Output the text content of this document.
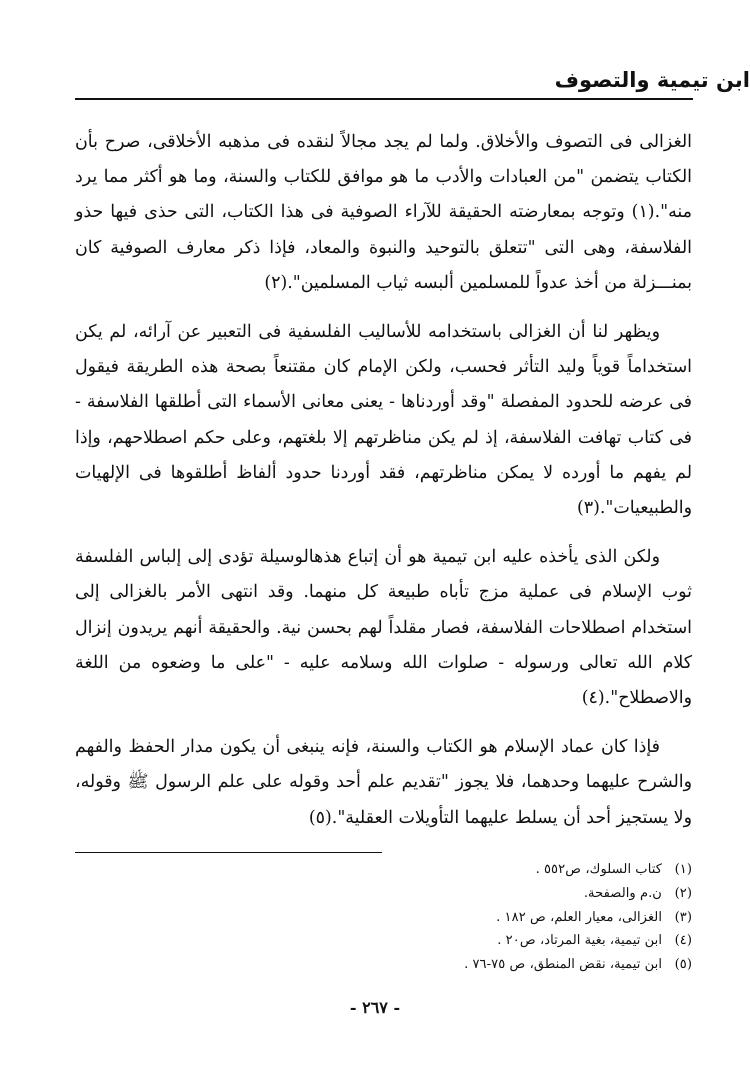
ابن تيمية والتصوف

الغزالى فى التصوف والأخلاق. ولما لم يجد مجالاً لنقده فى مذهبه الأخلاقى، صرح بأن الكتاب يتضمن "من العبادات والأدب ما هو موافق للكتاب والسنة، وما هو أكثر مما يرد منه".(١) وتوجه بمعارضته الحقيقة للآراء الصوفية فى هذا الكتاب، التى حذى فيها حذو الفلاسفة، وهى التى "تتعلق بالتوحيد والنبوة والمعاد، فإذا ذكر معارف الصوفية كان بمنـــزلة من أخذ عدواً للمسلمين ألبسه ثياب المسلمين".(٢)

ويظهر لنا أن الغزالى باستخدامه للأساليب الفلسفية فى التعبير عن آرائه، لم يكن استخداماً قوياً وليد التأثر فحسب، ولكن الإمام كان مقتنعاً بصحة هذه الطريقة فيقول فى عرضه للحدود المفصلة "وقد أوردناها - يعنى معانى الأسماء التى أطلقها الفلاسفة - فى كتاب تهافت الفلاسفة، إذ لم يكن مناظرتهم إلا بلغتهم، وعلى حكم اصطلاحهم، وإذا لم يفهم ما أورده لا يمكن مناظرتهم، فقد أوردنا حدود ألفاظ أطلقوها فى الإلهيات والطبيعيات".(٣)

ولكن الذى يأخذه عليه ابن تيمية هو أن إتباع هذهالوسيلة تؤدى إلى إلباس الفلسفة ثوب الإسلام فى عملية مزج تأباه طبيعة كل منهما. وقد انتهى الأمر بالغزالى إلى استخدام اصطلاحات الفلاسفة، فصار مقلداً لهم بحسن نية. والحقيقة أنهم يريدون إنزال كلام الله تعالى ورسوله - صلوات الله وسلامه عليه - "على ما وضعوه من اللغة والاصطلاح".(٤)

فإذا كان عماد الإسلام هو الكتاب والسنة، فإنه ينبغى أن يكون مدار الحفظ والفهم والشرح عليهما وحدهما، فلا يجوز "تقديم علم أحد وقوله على علم الرسول ﷺ وقوله، ولا يستجيز أحد أن يسلط عليهما التأويلات العقلية".(٥)

(١)كتاب السلوك، ص٥٥٢ .
(٢)ن.م والصفحة.
(٣)الغزالى، معيار العلم، ص ١٨٢ .
(٤)ابن تيمية، بغية المرتاد، ص٢٠ .
(٥)ابن تيمية، نقض المنطق، ص ٧٥-٧٦ .
- ٢٦٧ -
